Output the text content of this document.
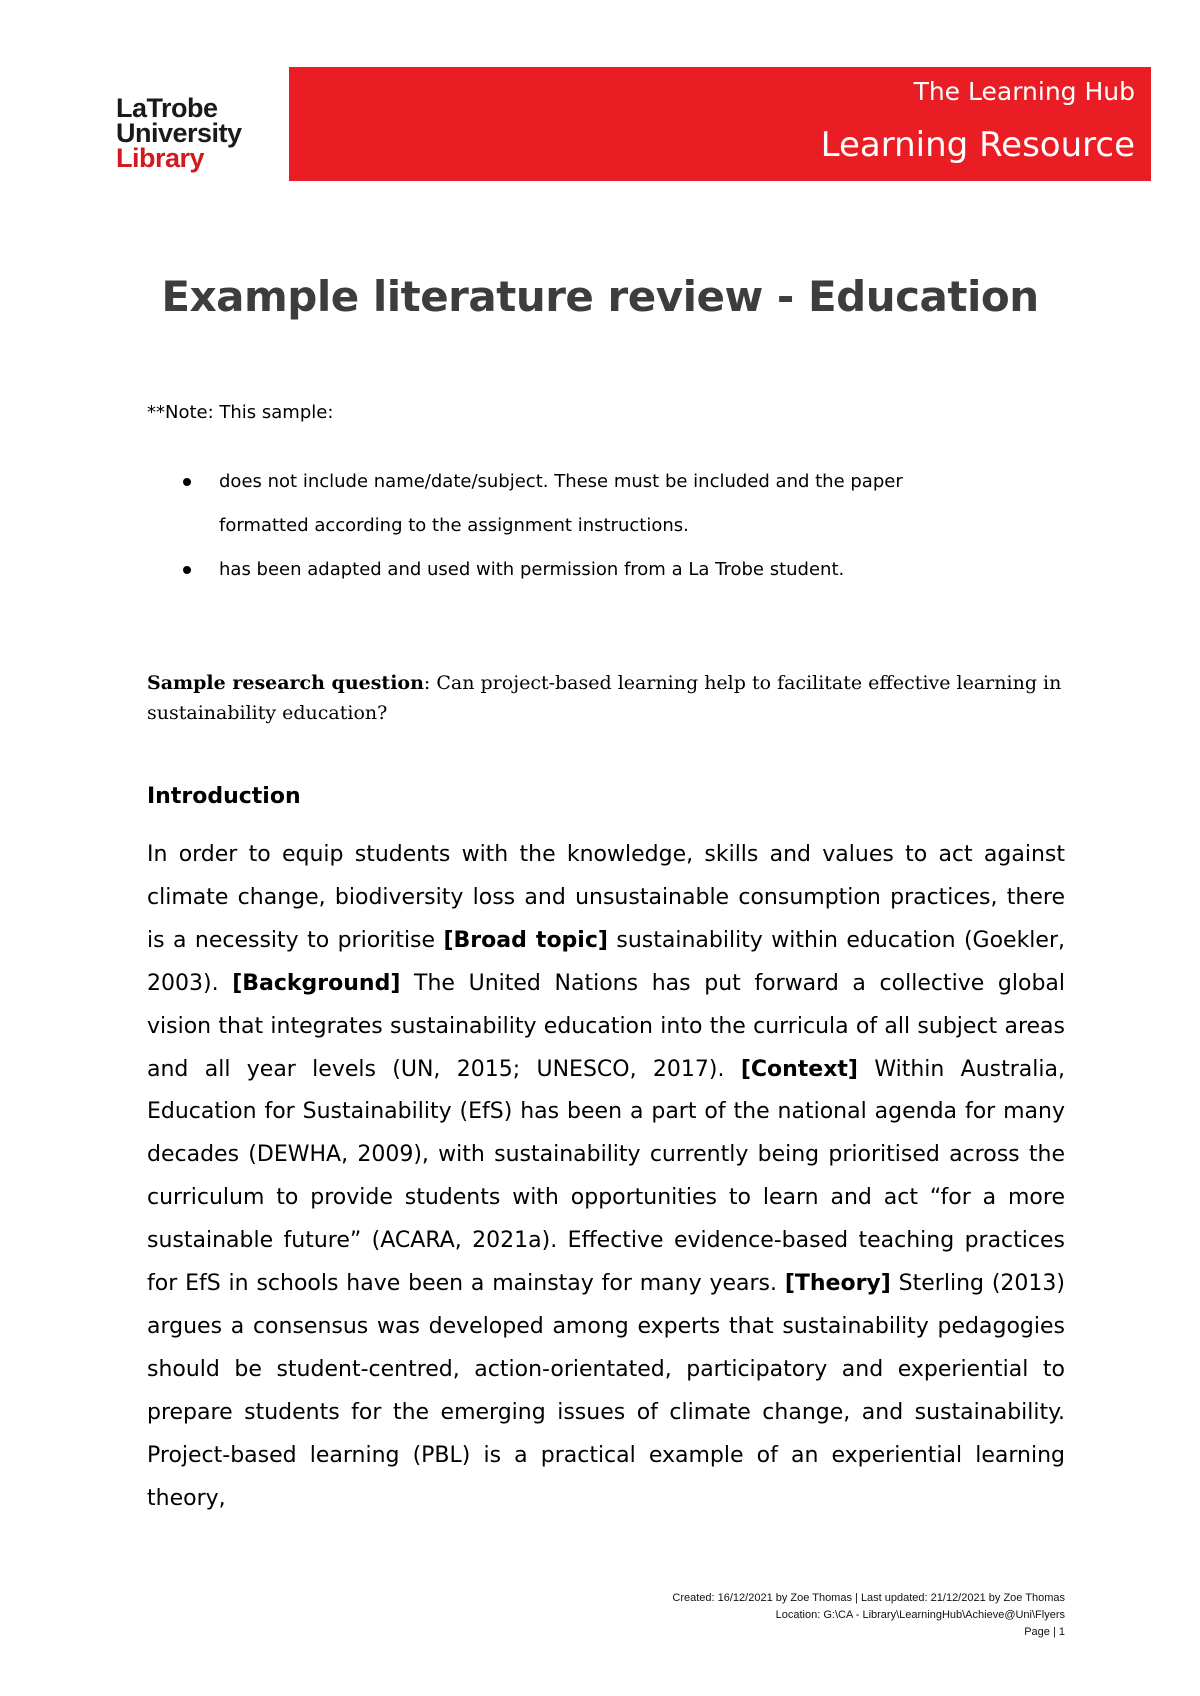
LaTrobe
University
Library
The Learning Hub
Learning Resource
Example literature review - Education
**Note: This sample:
does not include name/date/subject. These must be included and the paper
formatted according to the assignment instructions.
has been adapted and used with permission from a La Trobe student.
Sample research question: Can project-based learning help to facilitate effective learning in sustainability education?
Introduction
In order to equip students with the knowledge, skills and values to act against climate change, biodiversity loss and unsustainable consumption practices, there is a necessity to prioritise [Broad topic] sustainability within education (Goekler, 2003). [Background] The United Nations has put forward a collective global vision that integrates sustainability education into the curricula of all subject areas and all year levels (UN, 2015; UNESCO, 2017). [Context] Within Australia, Education for Sustainability (EfS) has been a part of the national agenda for many decades (DEWHA, 2009), with sustainability currently being prioritised across the curriculum to provide students with opportunities to learn and act “for a more sustainable future” (ACARA, 2021a). Effective evidence-based teaching practices for EfS in schools have been a mainstay for many years. [Theory] Sterling (2013) argues a consensus was developed among experts that sustainability pedagogies should be student-centred, action-orientated, participatory and experiential to prepare students for the emerging issues of climate change, and sustainability. Project-based learning (PBL) is a practical example of an experiential learning theory,
Created: 16/12/2021 by Zoe Thomas | Last updated: 21/12/2021 by Zoe Thomas
Location: G:\CA - Library\LearningHub\Achieve@Uni\Flyers
Page | 1
